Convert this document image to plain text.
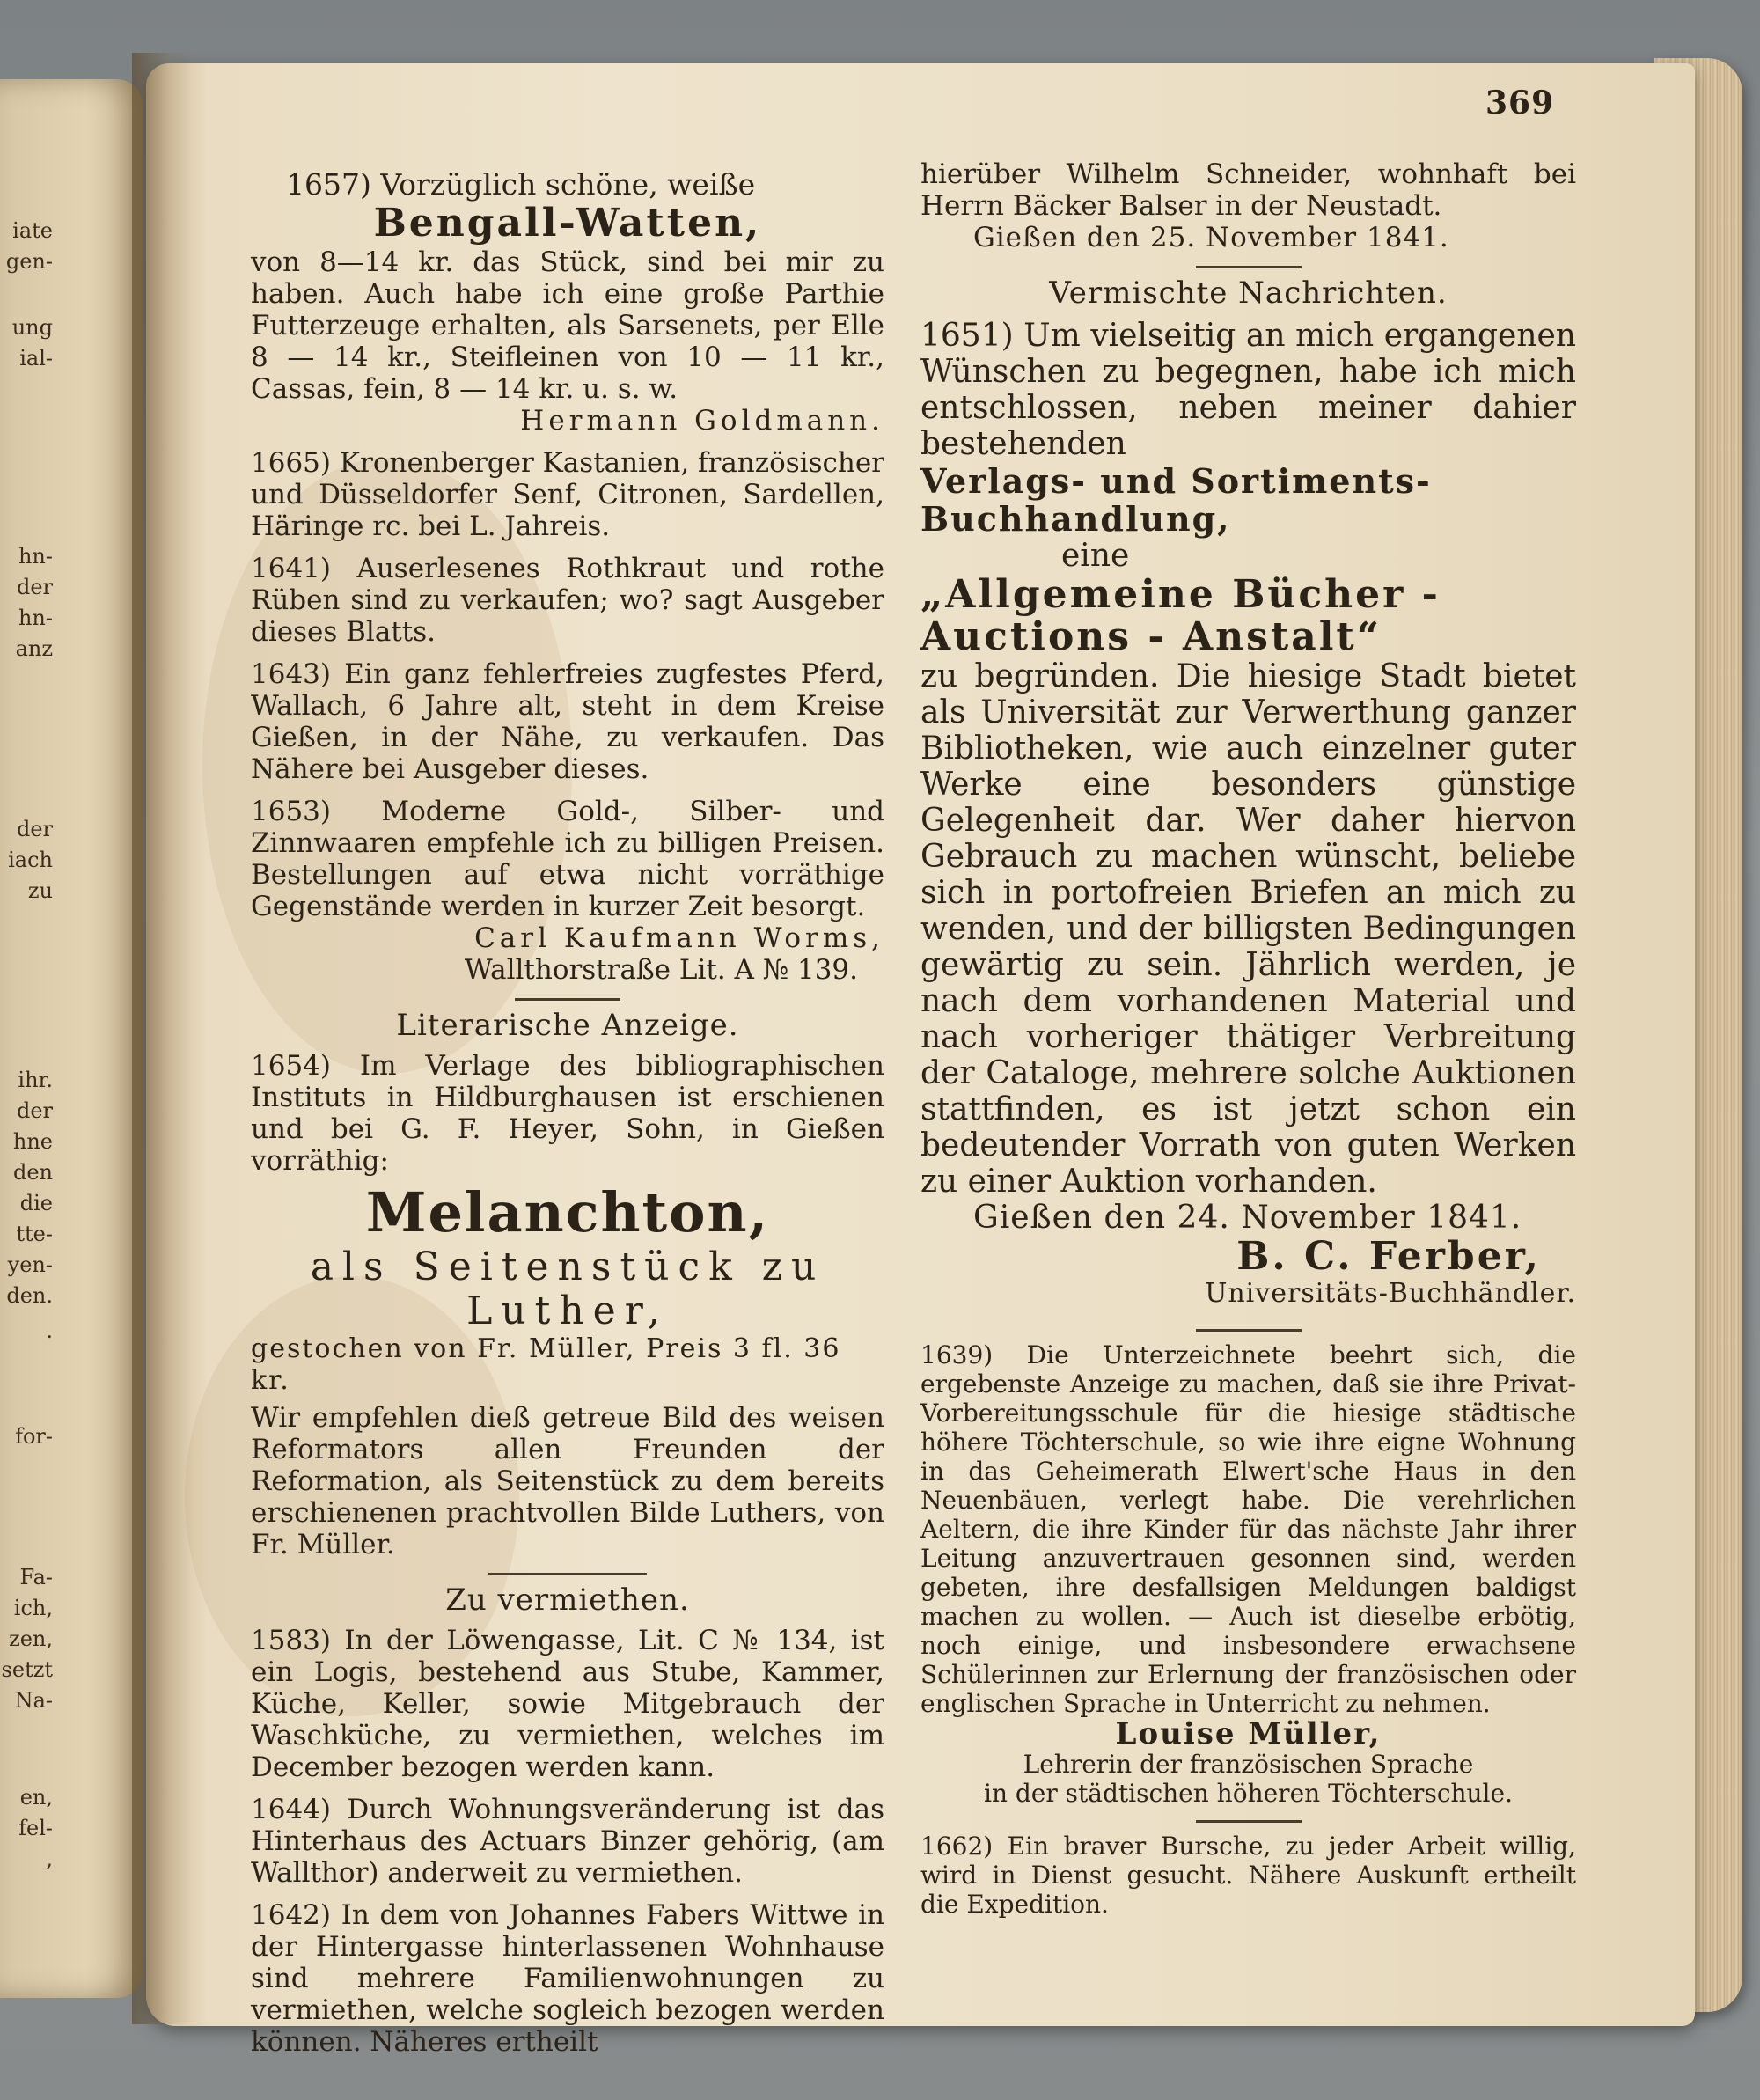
iate
gen-
ung
ial-
hn-
der
hn-
anz
der
iach
zu
ihr.
der
hne
den
die
tte-
yen-
den.
.
for-
Fa-
ich,
zen,
setzt
Na-
en,
fel-
,
369
1657) Vorzüglich schöne, weiße
Bengall-Watten,
von 8—14 kr. das Stück, sind bei mir zu haben. Auch habe ich eine große Parthie Futterzeuge erhalten, als Sarsenets, per Elle 8 — 14 kr., Steifleinen von 10 — 11 kr., Cassas, fein, 8 — 14 kr. u. s. w.
Hermann Goldmann.
1665) Kronenberger Kastanien, französischer und Düsseldorfer Senf, Citronen, Sardellen, Häringe rc. bei L. Jahreis.
1641) Auserlesenes Rothkraut und rothe Rüben sind zu verkaufen; wo? sagt Ausgeber dieses Blatts.
1643) Ein ganz fehlerfreies zugfestes Pferd, Wallach, 6 Jahre alt, steht in dem Kreise Gießen, in der Nähe, zu verkaufen. Das Nähere bei Ausgeber dieses.
1653) Moderne Gold-, Silber- und Zinnwaaren empfehle ich zu billigen Preisen. Bestellungen auf etwa nicht vorräthige Gegenstände werden in kurzer Zeit besorgt.
Carl Kaufmann Worms,
Wallthorstraße Lit. A № 139.
Literarische Anzeige.
1654) Im Verlage des bibliographischen Instituts in Hildburghausen ist erschienen und bei G. F. Heyer, Sohn, in Gießen vorräthig:
Melanchton,
als Seitenstück zu Luther,
gestochen von Fr. Müller, Preis 3 fl. 36 kr.
Wir empfehlen dieß getreue Bild des weisen Reformators allen Freunden der Reformation, als Seitenstück zu dem bereits erschienenen prachtvollen Bilde Luthers, von Fr. Müller.
Zu vermiethen.
1583) In der Löwengasse, Lit. C № 134, ist ein Logis, bestehend aus Stube, Kammer, Küche, Keller, sowie Mitgebrauch der Waschküche, zu vermiethen, welches im December bezogen werden kann.
1644) Durch Wohnungsveränderung ist das Hinterhaus des Actuars Binzer gehörig, (am Wallthor) anderweit zu vermiethen.
1642) In dem von Johannes Fabers Wittwe in der Hintergasse hinterlassenen Wohnhause sind mehrere Familienwohnungen zu vermiethen, welche sogleich bezogen werden können. Näheres ertheilt
hierüber Wilhelm Schneider, wohnhaft bei Herrn Bäcker Balser in der Neustadt.
Gießen den 25. November 1841.
Vermischte Nachrichten.
1651) Um vielseitig an mich ergangenen Wünschen zu begegnen, habe ich mich entschlossen, neben meiner dahier bestehenden
Verlags- und Sortiments-Buchhandlung,
eine
„Allgemeine Bücher - Auctions - Anstalt“
zu begründen. Die hiesige Stadt bietet als Universität zur Verwerthung ganzer Bibliotheken, wie auch einzelner guter Werke eine besonders günstige Gelegenheit dar. Wer daher hiervon Gebrauch zu machen wünscht, beliebe sich in portofreien Briefen an mich zu wenden, und der billigsten Bedingungen gewärtig zu sein. Jährlich werden, je nach dem vorhandenen Material und nach vorheriger thätiger Verbreitung der Cataloge, mehrere solche Auktionen stattfinden, es ist jetzt schon ein bedeutender Vorrath von guten Werken zu einer Auktion vorhanden.
Gießen den 24. November 1841.
B. C. Ferber,
Universitäts-Buchhändler.
1639) Die Unterzeichnete beehrt sich, die ergebenste Anzeige zu machen, daß sie ihre Privat-Vorbereitungsschule für die hiesige städtische höhere Töchterschule, so wie ihre eigne Wohnung in das Geheimerath Elwert'sche Haus in den Neuenbäuen, verlegt habe. Die verehrlichen Aeltern, die ihre Kinder für das nächste Jahr ihrer Leitung anzuvertrauen gesonnen sind, werden gebeten, ihre desfallsigen Meldungen baldigst machen zu wollen. — Auch ist dieselbe erbötig, noch einige, und insbesondere erwachsene Schülerinnen zur Erlernung der französischen oder englischen Sprache in Unterricht zu nehmen.
Louise Müller,
Lehrerin der französischen Sprache
in der städtischen höheren Töchterschule.
1662) Ein braver Bursche, zu jeder Arbeit willig, wird in Dienst gesucht. Nähere Auskunft ertheilt die Expedition.
